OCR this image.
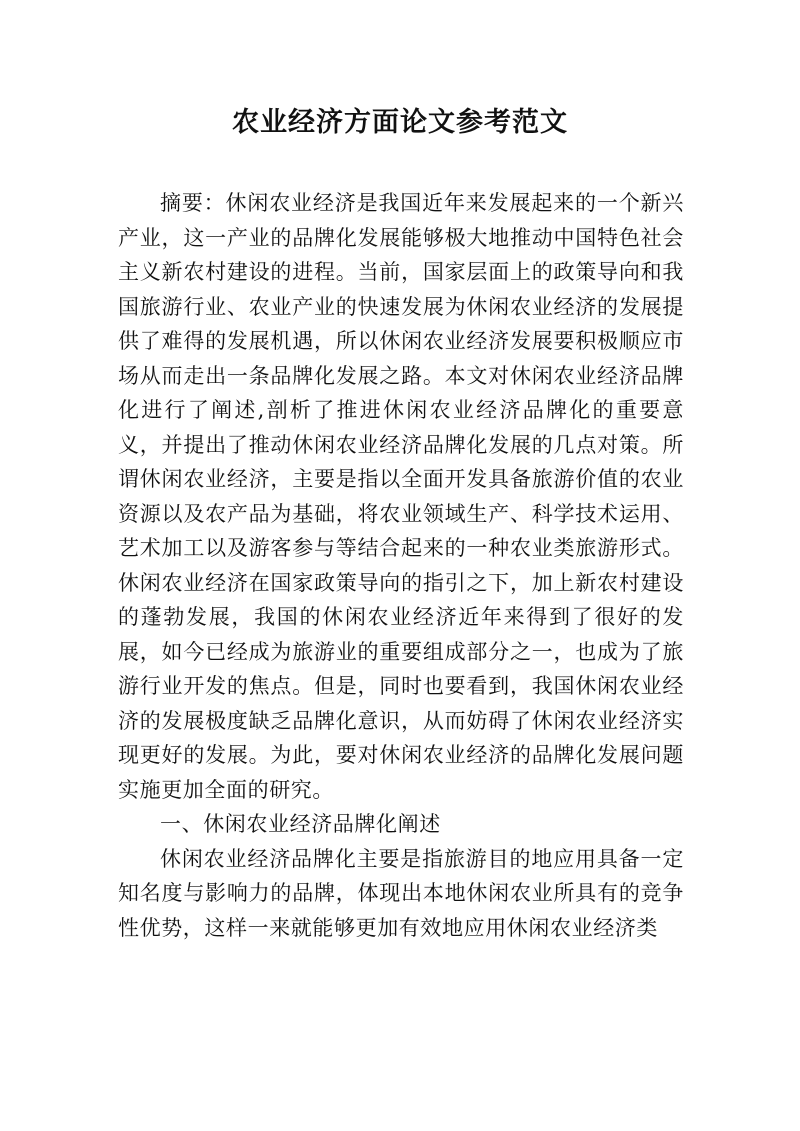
农业经济方面论文参考范文

摘要：休闲农业经济是我国近年来发展起来的一个新兴产业，这一产业的品牌化发展能够极大地推动中国特色社会主义新农村建设的进程。当前，国家层面上的政策导向和我国旅游行业、农业产业的快速发展为休闲农业经济的发展提供了难得的发展机遇，所以休闲农业经济发展要积极顺应市场从而走出一条品牌化发展之路。本文对休闲农业经济品牌化进行了阐述,剖析了推进休闲农业经济品牌化的重要意义，并提出了推动休闲农业经济品牌化发展的几点对策。所谓休闲农业经济，主要是指以全面开发具备旅游价值的农业资源以及农产品为基础，将农业领域生产、科学技术运用、艺术加工以及游客参与等结合起来的一种农业类旅游形式。休闲农业经济在国家政策导向的指引之下，加上新农村建设的蓬勃发展，我国的休闲农业经济近年来得到了很好的发展，如今已经成为旅游业的重要组成部分之一，也成为了旅游行业开发的焦点。但是，同时也要看到，我国休闲农业经济的发展极度缺乏品牌化意识，从而妨碍了休闲农业经济实现更好的发展。为此，要对休闲农业经济的品牌化发展问题实施更加全面的研究。

一、休闲农业经济品牌化阐述

休闲农业经济品牌化主要是指旅游目的地应用具备一定知名度与影响力的品牌，体现出本地休闲农业所具有的竞争性优势，这样一来就能够更加有效地应用休闲农业经济类
